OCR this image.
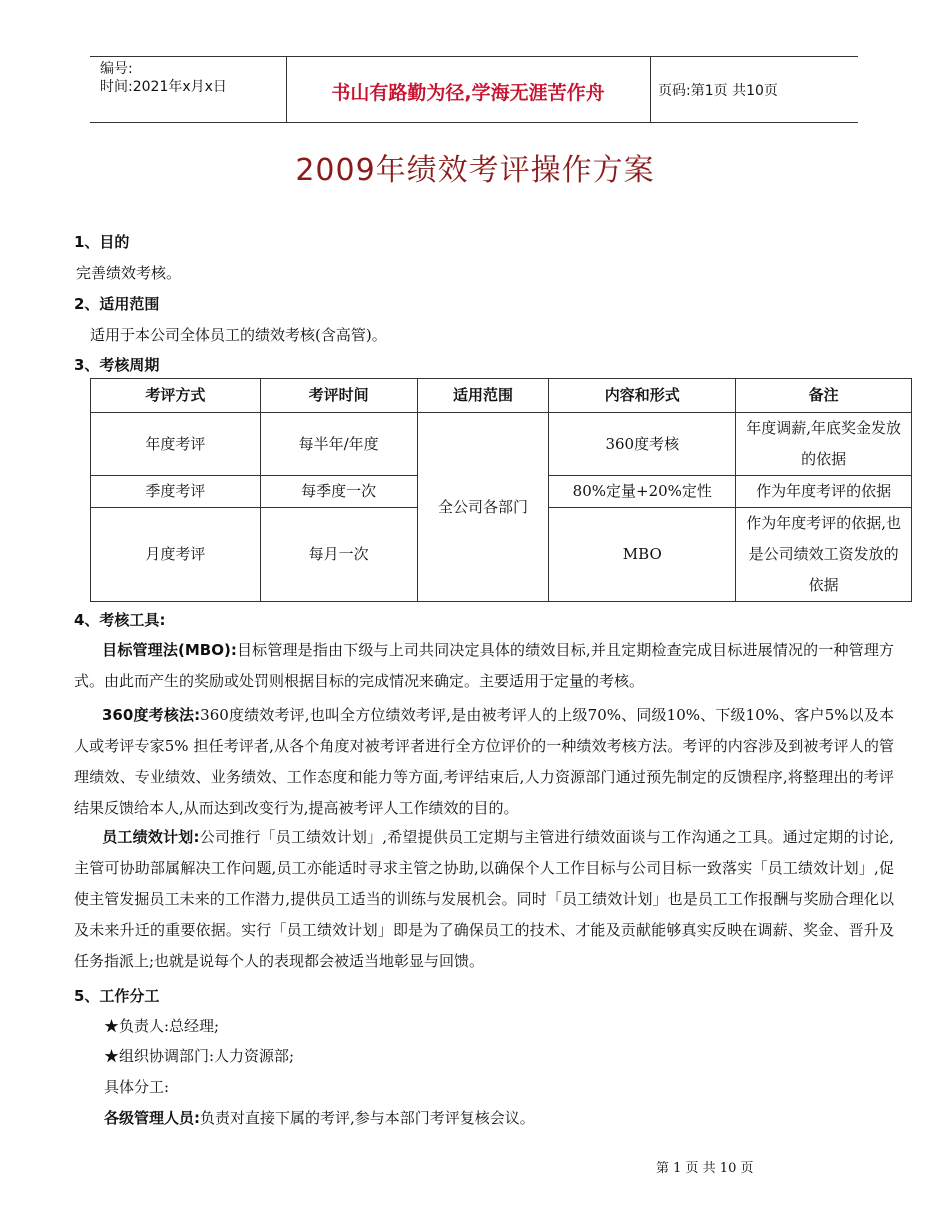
编号:
时间:2021年x月x日	书山有路勤为径,学海无涯苦作舟	页码:第1页 共10页
2009年绩效考评操作方案
1、目的
完善绩效考核。
2、适用范围
适用于本公司全体员工的绩效考核(含高管)。
3、考核周期
考评方式	考评时间	适用范围	内容和形式	备注
年度考评	每半年/年度	全公司各部门	360度考核	年度调薪,年底奖金发放的依据
季度考评	每季度一次		80%定量+20%定性	作为年度考评的依据
月度考评	每月一次		MBO	作为年度考评的依据,也是公司绩效工资发放的依据
4、考核工具:
目标管理法(MBO):目标管理是指由下级与上司共同决定具体的绩效目标,并且定期检查完成目标进展情况的一种管理方式。由此而产生的奖励或处罚则根据目标的完成情况来确定。主要适用于定量的考核。
360度考核法:360度绩效考评,也叫全方位绩效考评,是由被考评人的上级70%、同级10%、下级10%、客户5%以及本人或考评专家5% 担任考评者,从各个角度对被考评者进行全方位评价的一种绩效考核方法。考评的内容涉及到被考评人的管理绩效、专业绩效、业务绩效、工作态度和能力等方面,考评结束后,人力资源部门通过预先制定的反馈程序,将整理出的考评结果反馈给本人,从而达到改变行为,提高被考评人工作绩效的目的。
员工绩效计划:公司推行「员工绩效计划」,希望提供员工定期与主管进行绩效面谈与工作沟通之工具。通过定期的讨论,主管可协助部属解决工作问题,员工亦能适时寻求主管之协助,以确保个人工作目标与公司目标一致落实「员工绩效计划」,促使主管发掘员工未来的工作潜力,提供员工适当的训练与发展机会。同时「员工绩效计划」也是员工工作报酬与奖励合理化以及未来升迁的重要依据。实行「员工绩效计划」即是为了确保员工的技术、才能及贡献能够真实反映在调薪、奖金、晋升及任务指派上;也就是说每个人的表现都会被适当地彰显与回馈。
5、工作分工
★负责人:总经理;
★组织协调部门:人力资源部;
具体分工:
各级管理人员:负责对直接下属的考评,参与本部门考评复核会议。
第 1 页 共 10 页
